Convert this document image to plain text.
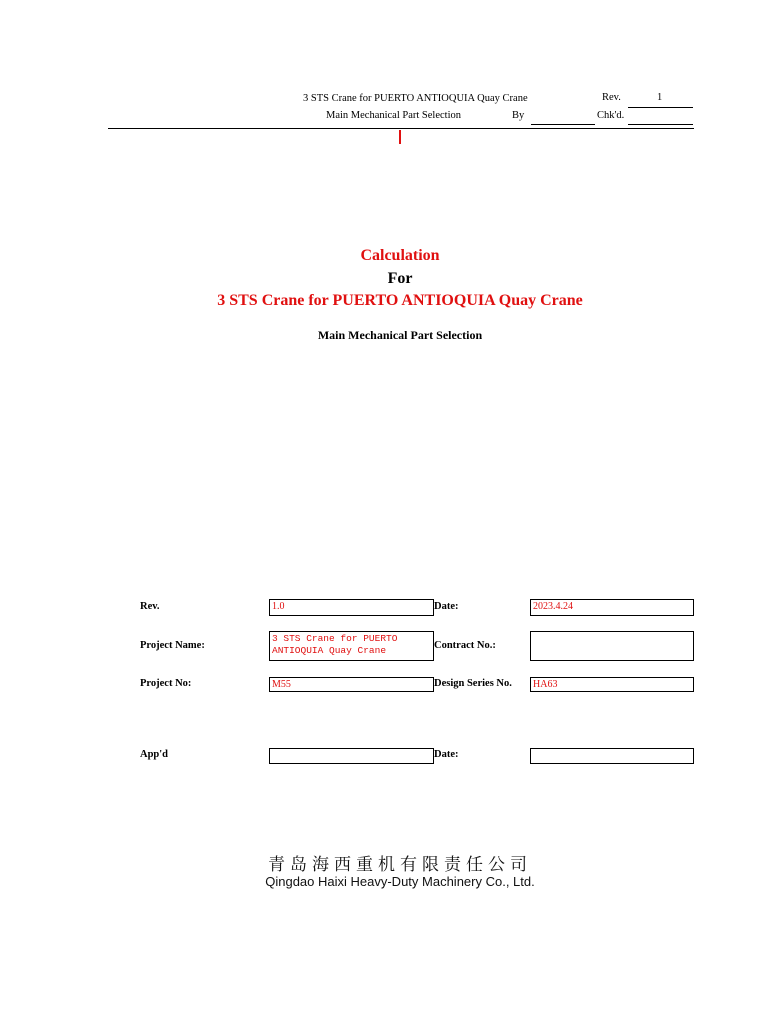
3 STS Crane for PUERTO ANTIOQUIA Quay Crane
Main Mechanical Part Selection
Rev.	1
By	Chk'd.
Calculation
For
3 STS Crane for PUERTO ANTIOQUIA Quay Crane
Main Mechanical Part Selection
Rev.	1.0	Date:	2023.4.24
Project Name:
3 STS Crane for PUERTO
ANTIOQUIA Quay Crane	Contract No.:
Project No:	M55	Design Series No.	HA63
App'd	Date:
青岛海西重机有限责任公司
Qingdao Haixi Heavy-Duty Machinery Co., Ltd.
